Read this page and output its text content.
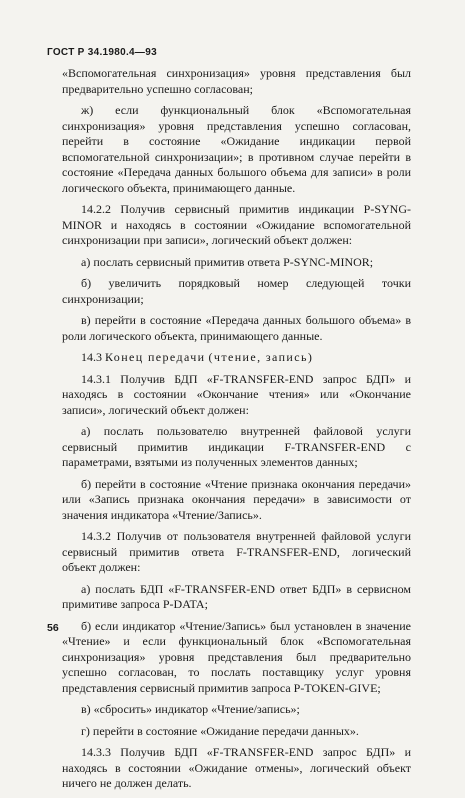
ГОСТ Р 34.1980.4—93

«Вспомогательная синхронизация» уровня представления был предварительно успешно согласован;

ж) если функциональный блок «Вспомогательная синхронизация» уровня представления успешно согласован, перейти в состояние «Ожидание индикации первой вспомогательной синхронизации»; в противном случае перейти в состояние «Передача данных большого объема для записи» в роли логического объекта, принимающего данные.

14.2.2 Получив сервисный примитив индикации P-SYNG-MINOR и находясь в состоянии «Ожидание вспомогательной синхронизации при записи», логический объект должен:

а) послать сервисный примитив ответа P-SYNC-MINOR;

б) увеличить порядковый номер следующей точки синхронизации;

в) перейти в состояние «Передача данных большого объема» в роли логического объекта, принимающего данные.

14.3 Конец передачи (чтение, запись)

14.3.1 Получив БДП «F-TRANSFER-END запрос БДП» и находясь в состоянии «Окончание чтения» или «Окончание записи», логический объект должен:

а) послать пользователю внутренней файловой услуги сервисный примитив индикации F-TRANSFER-END с параметрами, взятыми из полученных элементов данных;

б) перейти в состояние «Чтение признака окончания передачи» или «Запись признака окончания передачи» в зависимости от значения индикатора «Чтение/Запись».

14.3.2 Получив от пользователя внутренней файловой услуги сервисный примитив ответа F-TRANSFER-END, логический объект должен:

а) послать БДП «F-TRANSFER-END ответ БДП» в сервисном примитиве запроса P-DATA;

б) если индикатор «Чтение/Запись» был установлен в значение «Чтение» и если функциональный блок «Вспомогательная синхронизация» уровня представления был предварительно успешно согласован, то послать поставщику услуг уровня представления сервисный примитив запроса P-TOKEN-GIVE;

в) «сбросить» индикатор «Чтение/запись»;

г) перейти в состояние «Ожидание передачи данных».

14.3.3 Получив БДП «F-TRANSFER-END запрос БДП» и находясь в состоянии «Ожидание отмены», логический объект ничего не должен делать.

56
